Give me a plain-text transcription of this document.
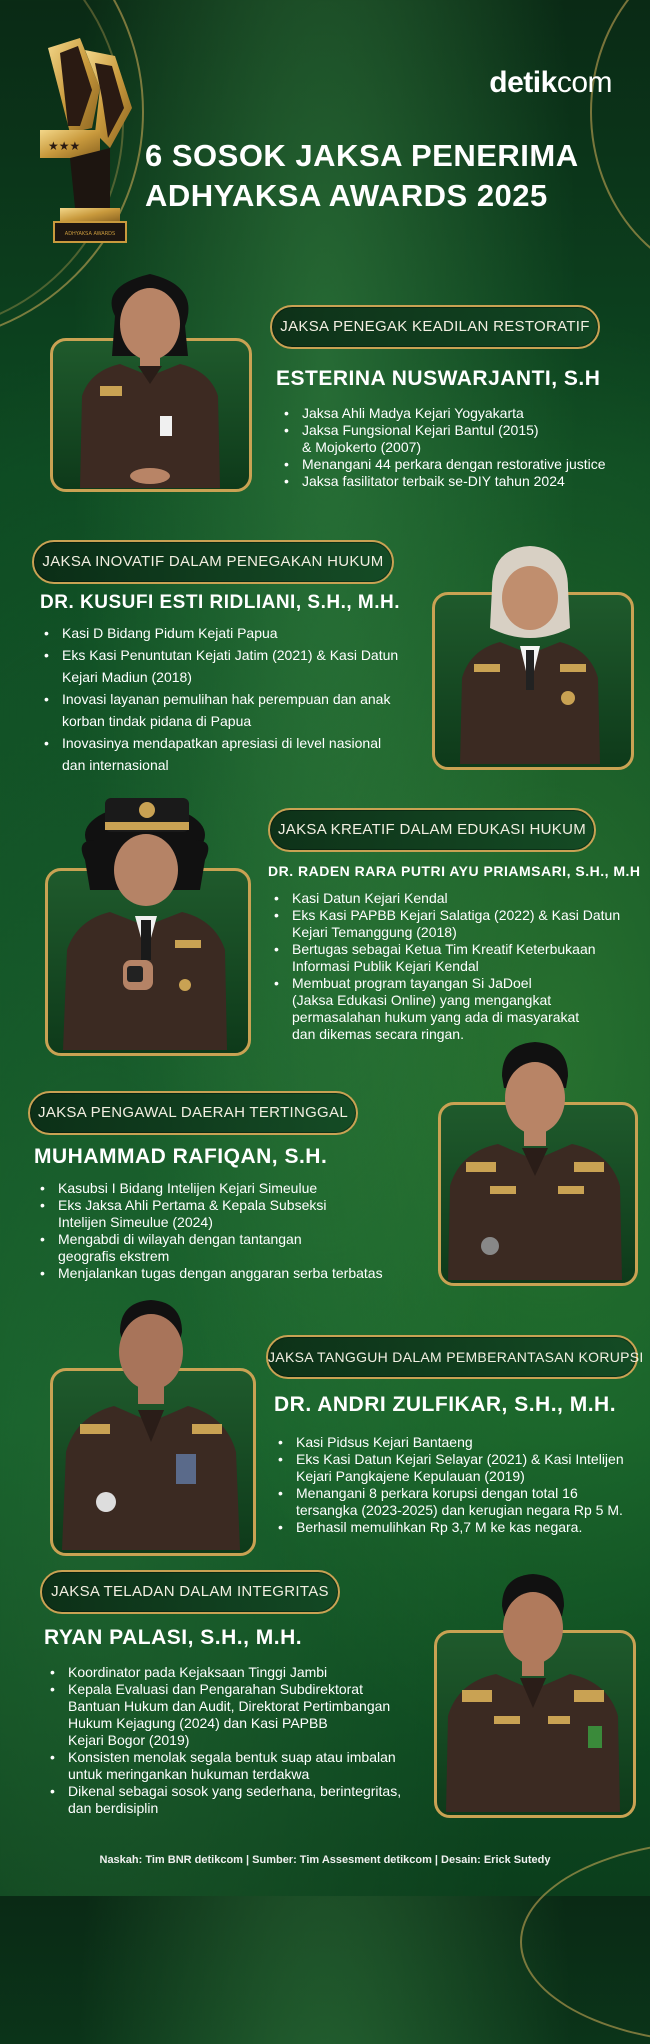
★★★
ADHYAKSA AWARDS
detikcom
6 SOSOK JAKSA PENERIMA
ADHYAKSA AWARDS 2025
JAKSA PENEGAK KEADILAN RESTORATIF
ESTERINA NUSWARJANTI, S.H
• Jaksa Ahli Madya Kejari Yogyakarta
• Jaksa Fungsional Kejari Bantul (2015)
& Mojokerto (2007)
• Menangani 44 perkara dengan restorative justice
• Jaksa fasilitator terbaik se-DIY tahun 2024
JAKSA INOVATIF DALAM PENEGAKAN HUKUM
DR. KUSUFI ESTI RIDLIANI, S.H., M.H.
• Kasi D Bidang Pidum Kejati Papua
• Eks Kasi Penuntutan Kejati Jatim (2021) & Kasi Datun
Kejari Madiun (2018)
• Inovasi layanan pemulihan hak perempuan dan anak
korban tindak pidana di Papua
• Inovasinya mendapatkan apresiasi di level nasional
dan internasional
JAKSA KREATIF DALAM EDUKASI HUKUM
DR. RADEN RARA PUTRI AYU PRIAMSARI, S.H., M.H
• Kasi Datun Kejari Kendal
• Eks Kasi PAPBB Kejari Salatiga (2022) & Kasi Datun
Kejari Temanggung (2018)
• Bertugas sebagai Ketua Tim Kreatif Keterbukaan
Informasi Publik Kejari Kendal
• Membuat program tayangan Si JaDoel
(Jaksa Edukasi Online) yang mengangkat
permasalahan hukum yang ada di masyarakat
dan dikemas secara ringan.
JAKSA PENGAWAL DAERAH TERTINGGAL
MUHAMMAD RAFIQAN, S.H.
• Kasubsi I Bidang Intelijen Kejari Simeulue
• Eks Jaksa Ahli Pertama & Kepala Subseksi
Intelijen Simeulue (2024)
• Mengabdi di wilayah dengan tantangan
geografis ekstrem
• Menjalankan tugas dengan anggaran serba terbatas
JAKSA TANGGUH DALAM PEMBERANTASAN KORUPSI
DR. ANDRI ZULFIKAR, S.H., M.H.
• Kasi Pidsus Kejari Bantaeng
• Eks Kasi Datun Kejari Selayar (2021) & Kasi Intelijen
Kejari Pangkajene Kepulauan (2019)
• Menangani 8 perkara korupsi dengan total 16
tersangka (2023-2025) dan kerugian negara Rp 5 M.
• Berhasil memulihkan Rp 3,7 M ke kas negara.
JAKSA TELADAN DALAM INTEGRITAS
RYAN PALASI, S.H., M.H.
• Koordinator pada Kejaksaan Tinggi Jambi
• Kepala Evaluasi dan Pengarahan Subdirektorat
Bantuan Hukum dan Audit, Direktorat Pertimbangan
Hukum Kejagung (2024) dan Kasi PAPBB
Kejari Bogor (2019)
• Konsisten menolak segala bentuk suap atau imbalan
untuk meringankan hukuman terdakwa
• Dikenal sebagai sosok yang sederhana, berintegritas,
dan berdisiplin
Naskah: Tim BNR detikcom | Sumber: Tim Assesment detikcom | Desain: Erick Sutedy
